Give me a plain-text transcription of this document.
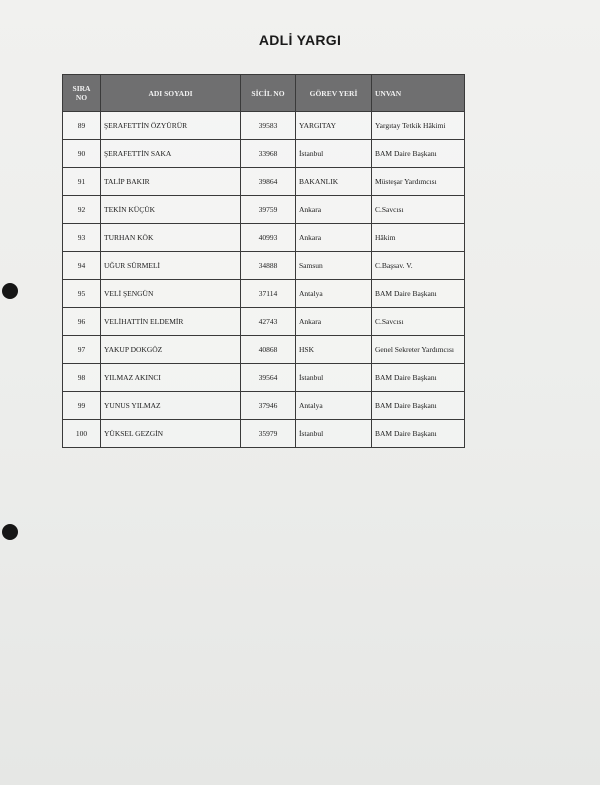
ADLİ YARGI
SIRA
NO	ADI SOYADI	SİCİL NO	GÖREV YERİ	UNVAN
89	ŞERAFETTİN ÖZYÜRÜR	39583	YARGITAY	Yargıtay Tetkik Hâkimi
90	ŞERAFETTİN SAKA	33968	İstanbul	BAM Daire Başkanı
91	TALİP BAKIR	39864	BAKANLIK	Müsteşar Yardımcısı
92	TEKİN KÜÇÜK	39759	Ankara	C.Savcısı
93	TURHAN KÖK	40993	Ankara	Hâkim
94	UĞUR SÜRMELİ	34888	Samsun	C.Başsav. V.
95	VELİ ŞENGÜN	37114	Antalya	BAM Daire Başkanı
96	VELİHATTİN ELDEMİR	42743	Ankara	C.Savcısı
97	YAKUP DOKGÖZ	40868	HSK	Genel Sekreter Yardımcısı
98	YILMAZ AKINCI	39564	İstanbul	BAM Daire Başkanı
99	YUNUS YILMAZ	37946	Antalya	BAM Daire Başkanı
100	YÜKSEL GEZGİN	35979	İstanbul	BAM Daire Başkanı
